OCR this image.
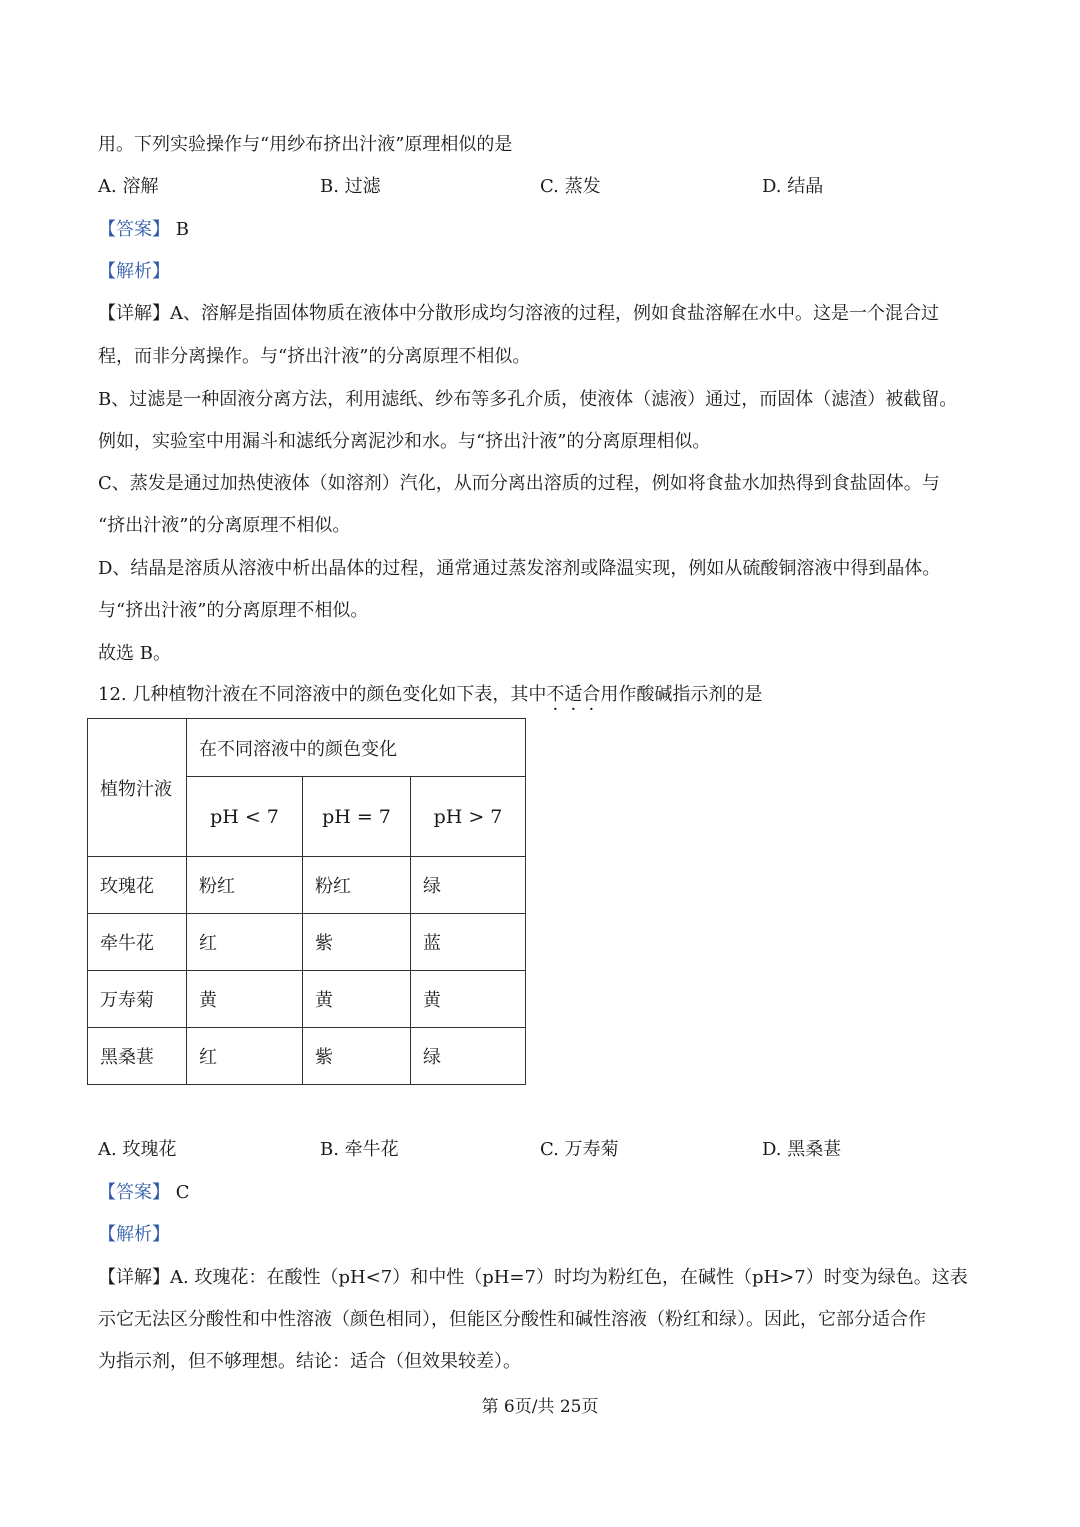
用。下列实验操作与“用纱布挤出汁液”原理相似的是
A. 溶解	B. 过滤	C. 蒸发	D. 结晶
【答案】 B
【解析】
【详解】A、溶解是指固体物质在液体中分散形成均匀溶液的过程，例如食盐溶解在水中。这是一个混合过
程，而非分离操作。与“挤出汁液”的分离原理不相似。
B、过滤是一种固液分离方法，利用滤纸、纱布等多孔介质，使液体（滤液）通过，而固体（滤渣）被截留。
例如，实验室中用漏斗和滤纸分离泥沙和水。与“挤出汁液”的分离原理相似。
C、蒸发是通过加热使液体（如溶剂）汽化，从而分离出溶质的过程，例如将食盐水加热得到食盐固体。与
“挤出汁液”的分离原理不相似。
D、结晶是溶质从溶液中析出晶体的过程，通常通过蒸发溶剂或降温实现，例如从硫酸铜溶液中得到晶体。
与“挤出汁液”的分离原理不相似。
故选 B。
12. 几种植物汁液在不同溶液中的颜色变化如下表，其中不适合用作酸碱指示剂的是
植物汁液	在不同溶液中的颜色变化		
	pH < 7	pH = 7	pH > 7
玫瑰花	粉红	粉红	绿
牵牛花	红	紫	蓝
万寿菊	黄	黄	黄
黑桑葚	红	紫	绿
A. 玫瑰花	B. 牵牛花	C. 万寿菊	D. 黑桑葚
【答案】 C
【解析】
【详解】A. 玫瑰花：在酸性（pH<7）和中性（pH=7）时均为粉红色，在碱性（pH>7）时变为绿色。这表
示它无法区分酸性和中性溶液（颜色相同），但能区分酸性和碱性溶液（粉红和绿）。因此，它部分适合作
为指示剂，但不够理想。结论：适合（但效果较差）。
第 6页/共 25页
